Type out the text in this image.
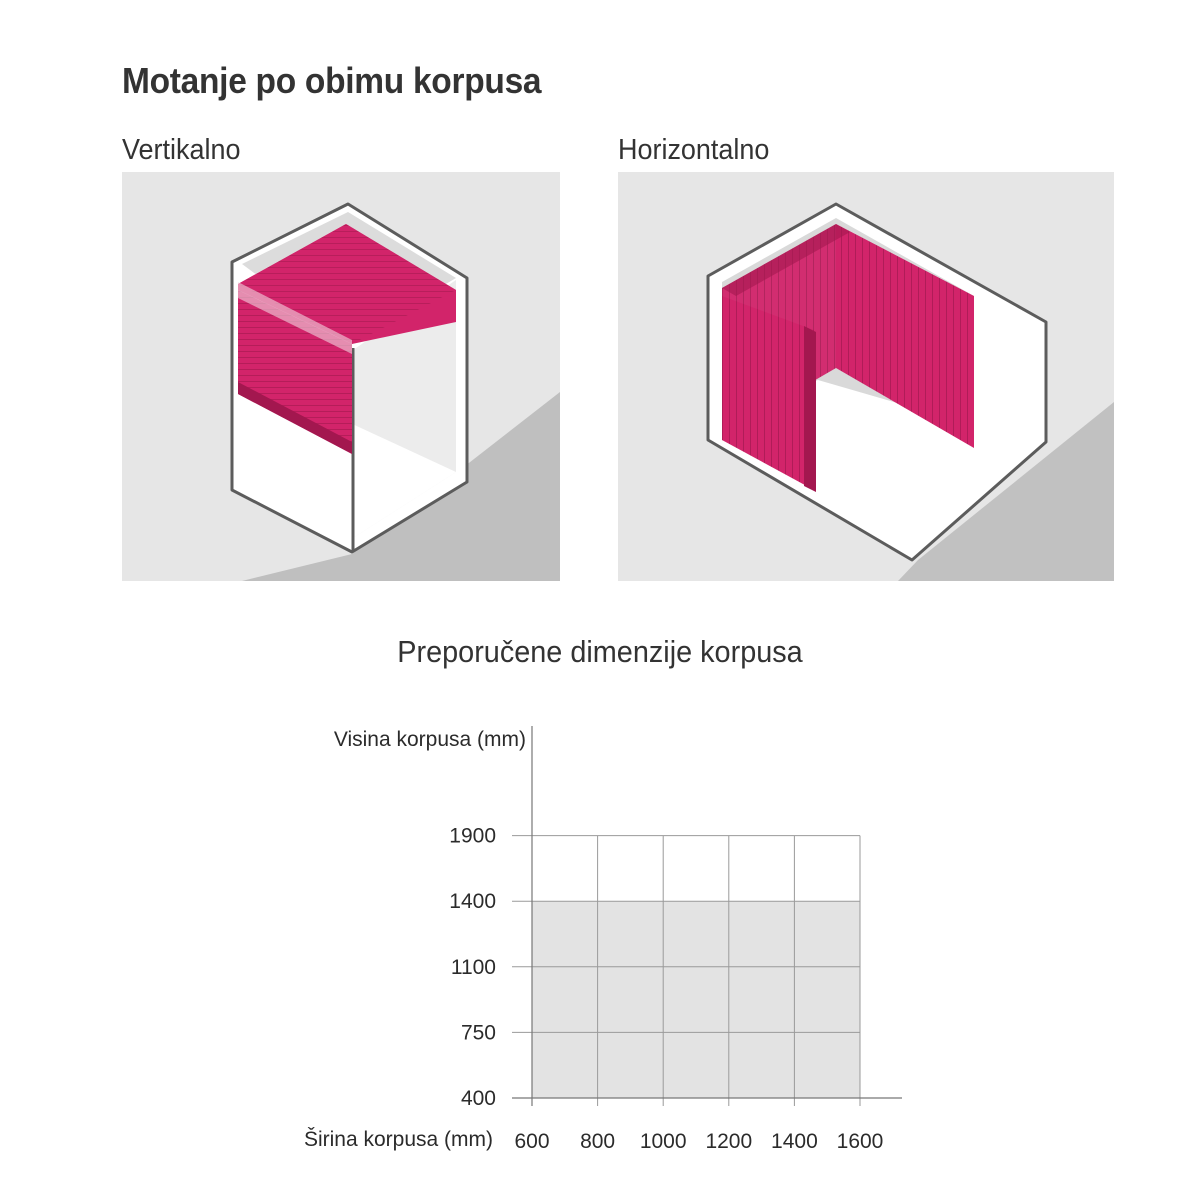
Motanje po obimu korpusa
Vertikalno	Horizontalno
Preporučene dimenzije korpusa
400
750
1100
1400
1900
600 800 1000 1200 1400 1600
Visina korpusa (mm)
Širina korpusa (mm)
